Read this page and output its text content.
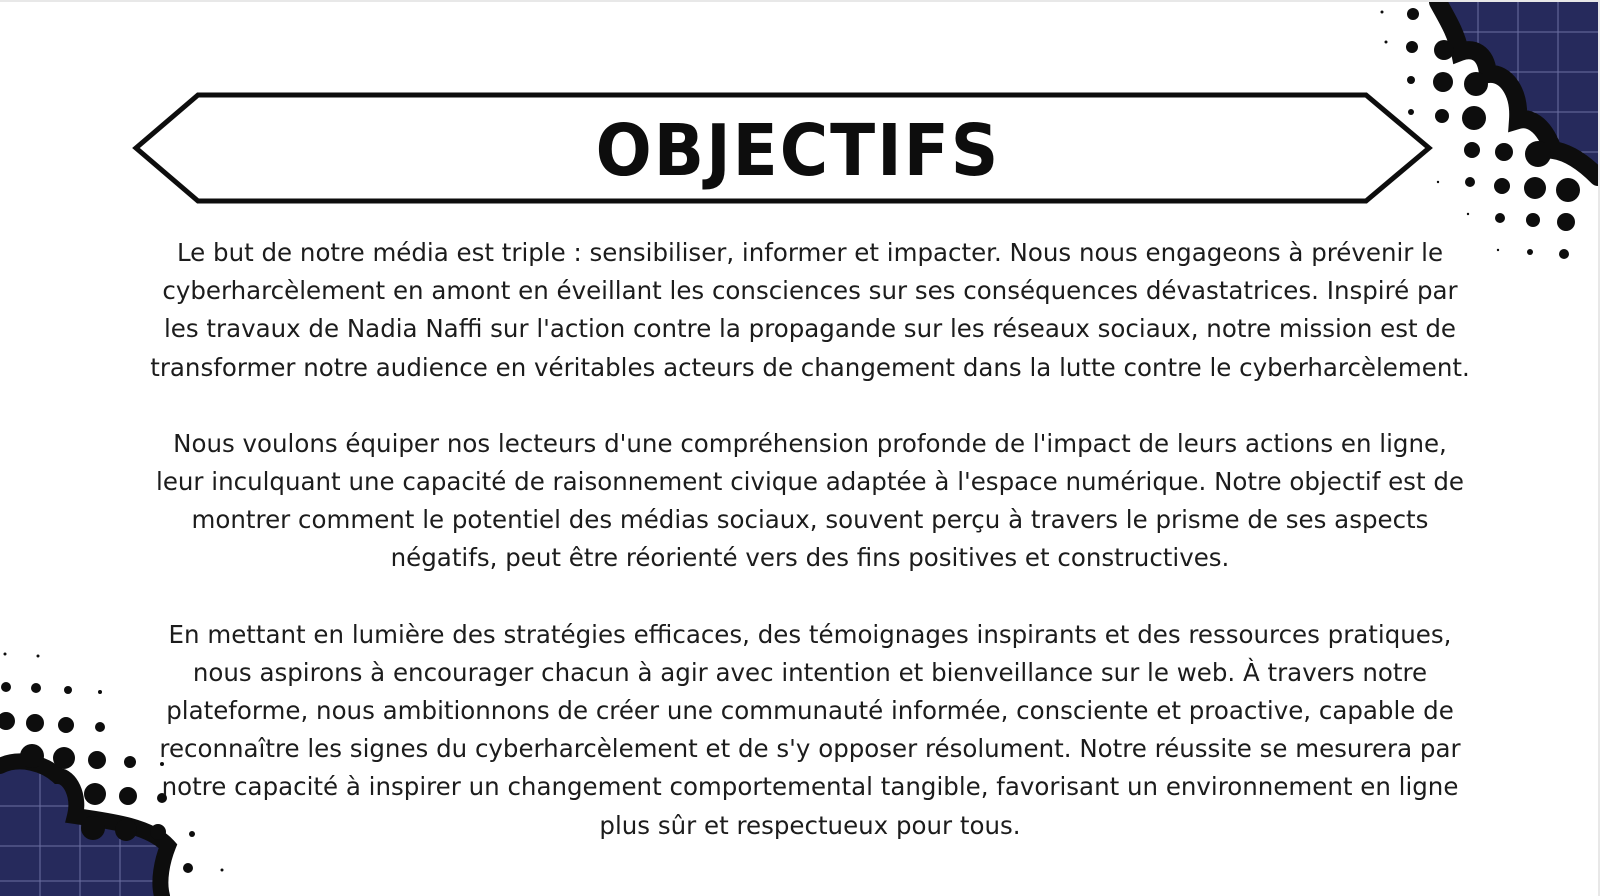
OBJECTIFS

Le but de notre média est triple : sensibiliser, informer et impacter. Nous nous engageons à prévenir le cyberharcèlement en amont en éveillant les consciences sur ses conséquences dévastatrices. Inspiré par les travaux de Nadia Naffi sur l'action contre la propagande sur les réseaux sociaux, notre mission est de transformer notre audience en véritables acteurs de changement dans la lutte contre le cyberharcèlement.

Nous voulons équiper nos lecteurs d'une compréhension profonde de l'impact de leurs actions en ligne, leur inculquant une capacité de raisonnement civique adaptée à l'espace numérique. Notre objectif est de montrer comment le potentiel des médias sociaux, souvent perçu à travers le prisme de ses aspects négatifs, peut être réorienté vers des fins positives et constructives.

En mettant en lumière des stratégies efficaces, des témoignages inspirants et des ressources pratiques, nous aspirons à encourager chacun à agir avec intention et bienveillance sur le web. À travers notre plateforme, nous ambitionnons de créer une communauté informée, consciente et proactive, capable de reconnaître les signes du cyberharcèlement et de s'y opposer résolument. Notre réussite se mesurera par notre capacité à inspirer un changement comportemental tangible, favorisant un environnement en ligne plus sûr et respectueux pour tous.
